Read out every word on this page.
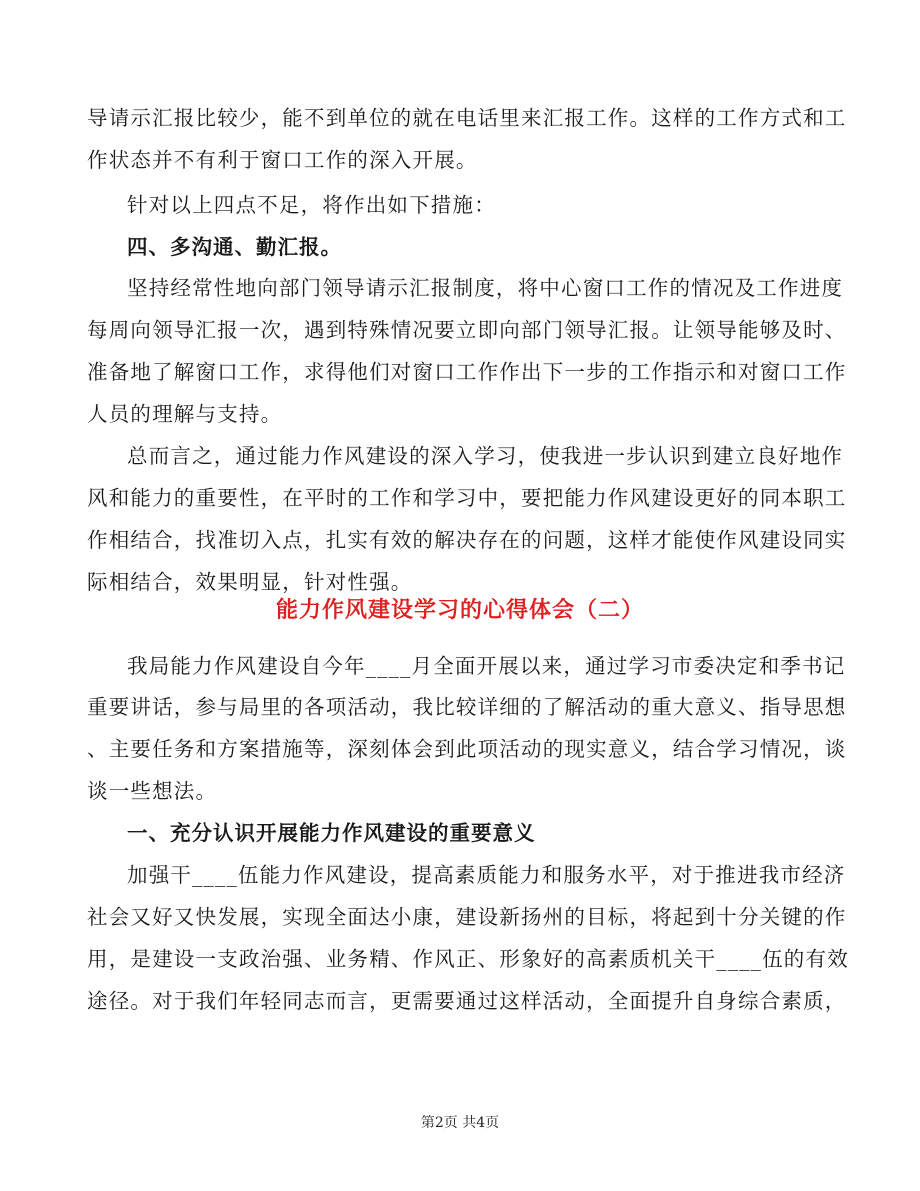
导请示汇报比较少，能不到单位的就在电话里来汇报工作。这样的工作方式和工
作状态并不有利于窗口工作的深入开展。
针对以上四点不足，将作出如下措施：
四、多沟通、勤汇报。
坚持经常性地向部门领导请示汇报制度，将中心窗口工作的情况及工作进度
每周向领导汇报一次，遇到特殊情况要立即向部门领导汇报。让领导能够及时、
准备地了解窗口工作，求得他们对窗口工作作出下一步的工作指示和对窗口工作
人员的理解与支持。
总而言之，通过能力作风建设的深入学习，使我进一步认识到建立良好地作
风和能力的重要性，在平时的工作和学习中，要把能力作风建设更好的同本职工
作相结合，找准切入点，扎实有效的解决存在的问题，这样才能使作风建设同实
际相结合，效果明显，针对性强。
能力作风建设学习的心得体会（二）
我局能力作风建设自今年____月全面开展以来，通过学习市委决定和季书记
重要讲话，参与局里的各项活动，我比较详细的了解活动的重大意义、指导思想
、主要任务和方案措施等，深刻体会到此项活动的现实意义，结合学习情况，谈
谈一些想法。
一、充分认识开展能力作风建设的重要意义
加强干____伍能力作风建设，提高素质能力和服务水平，对于推进我市经济
社会又好又快发展，实现全面达小康，建设新扬州的目标，将起到十分关键的作
用，是建设一支政治强、业务精、作风正、形象好的高素质机关干____伍的有效
途径。对于我们年轻同志而言，更需要通过这样活动，全面提升自身综合素质，
第2页 共4页
